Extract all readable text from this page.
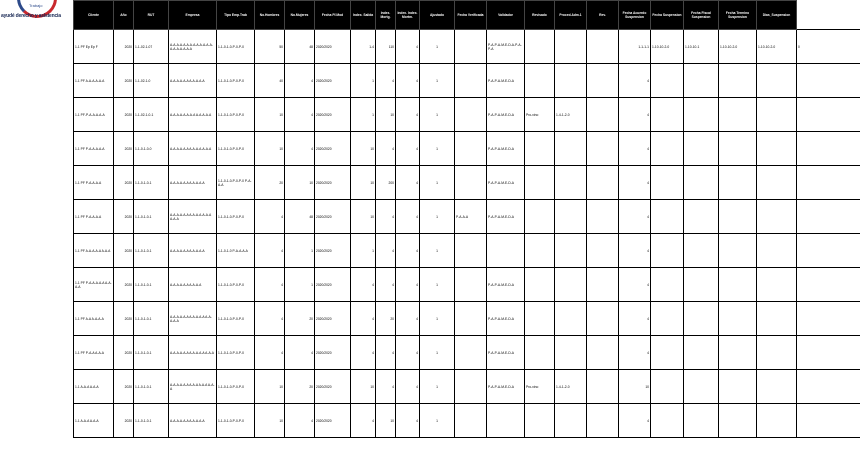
Trabajo
ayudé derecho y asistencia	Cliente	Año	RUT	Empresa	Tipo Emp.Trab	No.Hombres	No.Mujeres	Fecha Ff.Mod	Index. Salida	Index. Mortg.	Index. Index. Mortm.	Ajustado	Fecha Verificada	Validador	Revisado	Proced.Adm.1	Rev.	Fecha Acuerdo Suspension	Fecha Suspension	Fecha Fiscal Suspension	Fecha Termino Suspension	Dias_Suspension	
1-1 PF Ep Ep F	2020	1-1-02-1-07	A-A-A-A-A-A-A-A-A-A-A-A-A-A-A-A-A-A-A-A	1-1-0-1-0-P-0-P-0	50	48	2020/2020	1-4	110	4	1		P-A-P-A-M-E-D-A-P-A-P-A				1-1-1-1	1-10-10-2-0	1-10-10-1	1-10-10-2-0	1-10-10-2-0	0
1-1 PF A-A-A-A-A-A	2020	1-1-02-1-0	A-A-A-A-A-A A-A-A-A-A	1-1-0-1-0-P-0-P-0	40	4	2020/2020	1	4	4	1		P-A-P-A-M-E-D-A				4					
1-1 PF-P-A-A-A-A-A	2020	1-1-02-1-0-1	A-A-A-A-A-A-A-A A-A-A-A-A	1-1-0-1-0-P-0-P-0	10	4	2020/2020	1	10	4	1		P-A-P-A-M-E-D-A	Pro-vino	1-4-1-2-0		4					
1-1 PF P-A-A-A-A-A	2020	1-1-0-1-0-0	A-A-A-A-A-A A-A-A-A-A-A-A	1-1-0-1-0-P-0-P-0	10	4	2020/2020	10	4	4	1		P-A-P-A-M-E-D-A				4					
1-1 PF P-A-A-A-A	2020	1-1-0-1-0-1	A-A-A-A-A-A A-A-A-A-A	1-1-0-1-0-P-0-P-0 P-A-A-A	20	10	2020/2020	10	200	4	1		P-A-P-A-M-E-D-A				4					
1-1 PF P-A-A-A-A	2020	1-1-0-1-0-1	A-A-A-A-A-A A-A-A-A-A-A-A A-A-A	1-1-0-1-0-P-0-P-0	4	48	2020/2020	10	4	4	1	P-A-A-A	P-A-P-A-M-E-D-A				4					
1-1 PF A-A-A-A-A A-A-A	2020	1-1-0-1-0-1	A-A-A-A-A-A A-A-A-A-A	1-1-0-1-0 P-A-A-A-A	4	1	2020/2020	1	4	4	1						4					
1-1 PF P-A-A-A-A-A A-A-A-A	2020	1-1-0-1-0-1	A-A-A-A-A-A A-A-A-A	1-1-0-1-0-P-0-P-0	4	1	2020/2020	4	4	4	1		P-A-P-A-M-E-D-A				4					
1-1 PF A-A A-A-A-A	2020	1-1-0-1-0-1	A-A-A-A-A-A A-A-A-A-A A-A-A-A-A	1-1-0-1-0-P-0-P-0	4	20	2020/2020	4	20	4	1		P-A-P-A-M-E-D-A				4					
1-1 PF P-A-A A-A-A	2020	1-1-0-1-0-1	A-A-A-A-A-A A-A-A-A-A A-A-A	1-1-0-1-0-P-0-P-0	4	4	2020/2020	4	4	4	1		P-A-P-A-M-E-D-A				4					
1-1 A-A-A A-A-A	2020	1-1-0-1-0-1	A-A-A-A-A-A A-A-A A-A-A A-A-A	1-1-0-1-0-P-0-P-0	10	20	2020/2020	10	4	4	1		P-A-P-A-M-E-D-A	Pro-vino	1-4-1-2-0		10					
1-1 A-A-A A-A-A	2020	1-1-0-1-0-1	A-A-A-A-A-A A-A-A-A-A	1-1-0-1-0-P-0-P-0	10	4	2020/2020	4	10	4	1						4					
